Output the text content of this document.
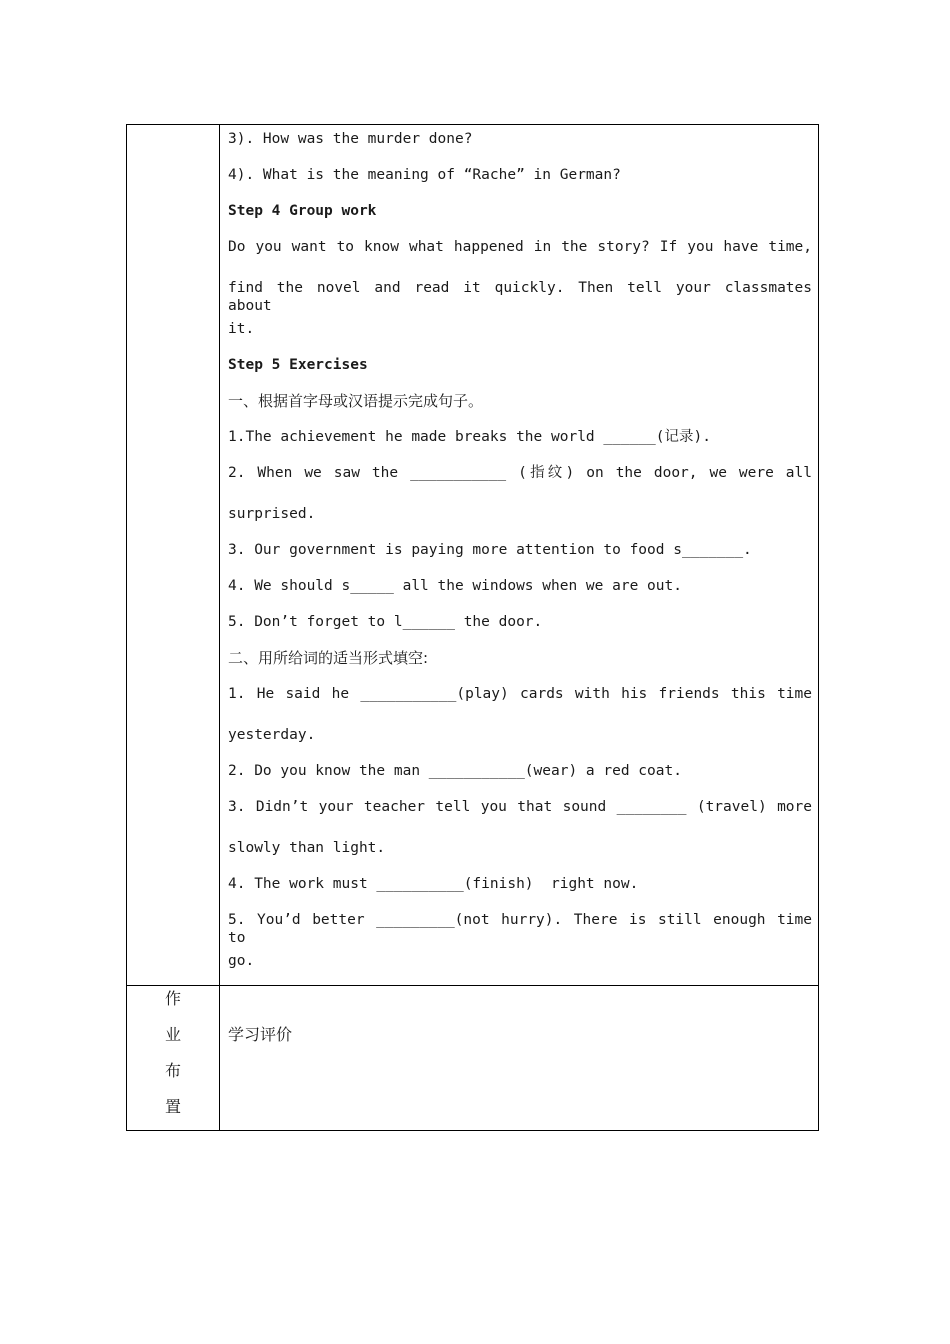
3). How was the murder done?
4). What is the meaning of “Rache” in German?
Step 4 Group work
Do you want to know what happened in the story? If you have time,
find the novel and read it quickly. Then tell your classmates about
it.
Step 5 Exercises
一、根据首字母或汉语提示完成句子。
1.The achievement he made breaks the world ______(记录).
2. When we saw the ___________ (指纹) on the door, we were all
surprised.
3. Our government is paying more attention to food s_______.
4. We should s_____ all the windows when we are out.
5. Don’t forget to l______ the door.
二、用所给词的适当形式填空:
1. He said he ___________(play) cards with his friends this time
yesterday.
2. Do you know the man ___________(wear) a red coat.
3. Didn’t your teacher tell you that sound ________ (travel) more
slowly than light.
4. The work must __________(finish)  right now.
5. You’d better _________(not hurry). There is still enough time to
go.
作
业
布
置
学习评价
